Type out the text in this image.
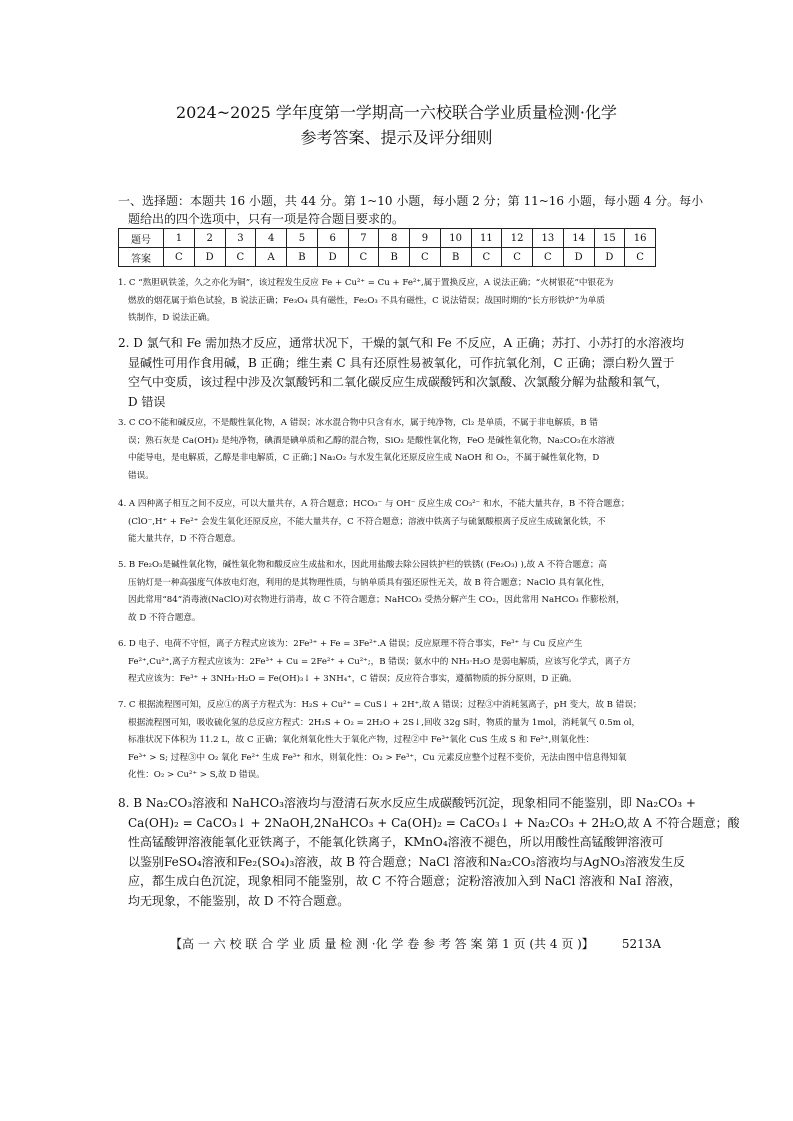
2024~2025 学年度第一学期高一六校联合学业质量检测·化学
参考答案、提示及评分细则
一、选择题：本题共 16 小题，共 44 分。第 1~10 小题，每小题 2 分；第 11~16 小题，每小题 4 分。每小
题给出的四个选项中，只有一项是符合题目要求的。
题号	1	2	3	4	5	6	7	8	9	10	11	12	13	14	15	16
答案	C	D	C	A	B	D	C	B	C	B	C	C	C	D	D	C
1. C “熬胆矾铁釜，久之亦化为铜”，该过程发生反应 Fe + Cu²⁺ = Cu + Fe²⁺,属于置换反应，A 说法正确；“火树银花”中银花为
燃放的烟花属于焰色试验，B 说法正确；Fe₃O₄ 具有磁性，Fe₂O₃ 不具有磁性，C 说法错误；战国时期的“长方形铁炉”为单质
铁制作，D 说法正确。
2. D 氯气和 Fe 需加热才反应，通常状况下，干燥的氯气和 Fe 不反应，A 正确；苏打、小苏打的水溶液均
显碱性可用作食用碱，B 正确；维生素 C 具有还原性易被氧化，可作抗氧化剂，C 正确；漂白粉久置于
空气中变质，该过程中涉及次氯酸钙和二氧化碳反应生成碳酸钙和次氯酸、次氯酸分解为盐酸和氧气，
D 错误
3. C CO不能和碱反应，不是酸性氧化物，A 错误；冰水混合物中只含有水，属于纯净物，Cl₂ 是单质，不属于非电解质，B 错
误；熟石灰是 Ca(OH)₂ 是纯净物，碘酒是碘单质和乙醇的混合物，SiO₂ 是酸性氧化物，FeO 是碱性氧化物，Na₂CO₃在水溶液
中能导电，是电解质，乙醇是非电解质，C 正确；] Na₂O₂ 与水发生氧化还原反应生成 NaOH 和 O₂，不属于碱性氧化物，D
错误。
4. A 四种离子相互之间不反应，可以大量共存，A 符合题意；HCO₃⁻ 与 OH⁻ 反应生成 CO₃²⁻ 和水，不能大量共存，B 不符合题意；
(ClO⁻,H⁺ + Fe²⁺ 会发生氧化还原反应，不能大量共存，C 不符合题意；溶液中铁离子与硫氰酸根离子反应生成硫氰化铁，不
能大量共存，D 不符合题意。
5. B Fe₂O₃是碱性氧化物，碱性氧化物和酸反应生成盐和水，因此用盐酸去除公园铁护栏的铁锈( (Fe₂O₃) ),故 A 不符合题意；高
压钠灯是一种高强度气体放电灯泡，利用的是其物理性质，与钠单质具有强还原性无关，故 B 符合题意；NaClO 具有氧化性，
因此常用“84”消毒液(NaClO)对衣物进行消毒，故 C 不符合题意；NaHCO₃ 受热分解产生 CO₂，因此常用 NaHCO₃ 作膨松剂，
故 D 不符合题意。
6. D 电子、电荷不守恒，离子方程式应该为：2Fe³⁺ + Fe = 3Fe²⁺.A 错误；反应原理不符合事实，Fe³⁺ 与 Cu 反应产生
Fe²⁺,Cu²⁺,离子方程式应该为：2Fe³⁺ + Cu = 2Fe²⁺ + Cu²⁺;，B 错误；氨水中的 NH₃·H₂O 是弱电解质，应该写化学式，离子方
程式应该为：Fe³⁺ + 3NH₃·H₂O = Fe(OH)₃↓ + 3NH₄⁺，C 错误；反应符合事实，遵循物质的拆分原则，D 正确。
7. C 根据流程图可知，反应①的离子方程式为：H₂S + Cu²⁺ = CuS↓ + 2H⁺,故 A 错误；过程③中消耗氢离子，pH 变大，故 B 错误；
根据流程图可知，吸收硫化氢的总反应方程式：2H₂S + O₂ = 2H₂O + 2S↓,回收 32g S时，物质的量为 1mol，消耗氧气 0.5m ol，
标准状况下体积为 11.2 L，故 C 正确；氧化剂氧化性大于氧化产物，过程②中 Fe³⁺氧化 CuS 生成 S 和 Fe²⁺,则氧化性：
Fe³⁺ > S; 过程③中 O₂ 氧化 Fe²⁺ 生成 Fe³⁺ 和水，则氧化性：O₂ > Fe³⁺，Cu 元素反应整个过程不变价，无法由图中信息得知氧
化性：O₂ > Cu²⁺ > S,故 D 错误。
8. B Na₂CO₃溶液和 NaHCO₃溶液均与澄清石灰水反应生成碳酸钙沉淀，现象相同不能鉴别，即 Na₂CO₃ +
Ca(OH)₂ = CaCO₃↓ + 2NaOH,2NaHCO₃ + Ca(OH)₂ = CaCO₃↓ + Na₂CO₃ + 2H₂O,故 A 不符合题意；酸
性高锰酸钾溶液能氧化亚铁离子，不能氧化铁离子，KMnO₄溶液不褪色，所以用酸性高锰酸钾溶液可
以鉴别FeSO₄溶液和Fe₂(SO₄)₃溶液，故 B 符合题意；NaCl 溶液和Na₂CO₃溶液均与AgNO₃溶液发生反
应，都生成白色沉淀，现象相同不能鉴别，故 C 不符合题意；淀粉溶液加入到 NaCl 溶液和 NaI 溶液，
均无现象，不能鉴别，故 D 不符合题意。
【高 一 六 校 联 合 学 业 质 量 检 测 ·化 学 卷 参 考 答 案 第 1 页 (共 4 页 )】 5213A
